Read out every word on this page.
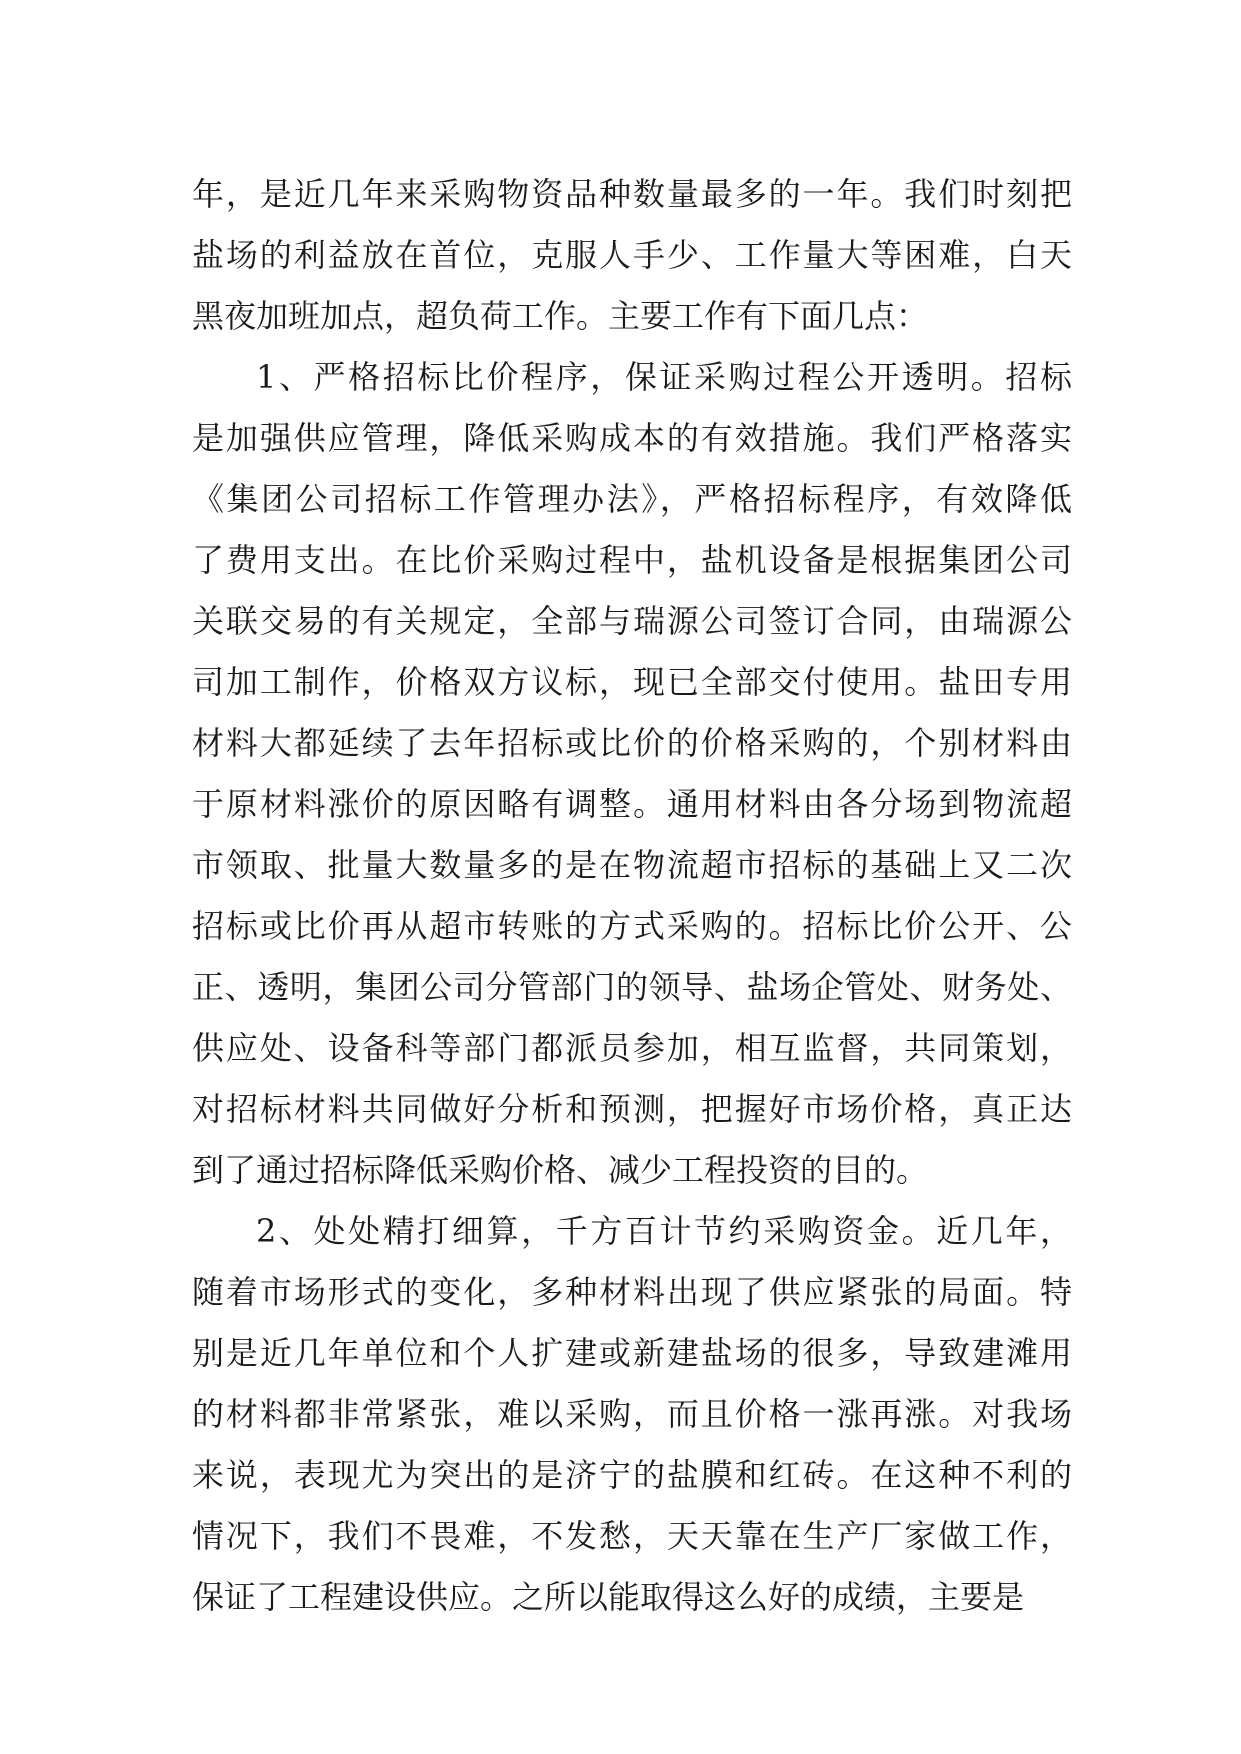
年，是近几年来采购物资品种数量最多的一年。我们时刻把
盐场的利益放在首位，克服人手少、工作量大等困难，白天
黑夜加班加点，超负荷工作。主要工作有下面几点：
1、严格招标比价程序，保证采购过程公开透明。招标
是加强供应管理，降低采购成本的有效措施。我们严格落实
《集团公司招标工作管理办法》，严格招标程序，有效降低
了费用支出。在比价采购过程中，盐机设备是根据集团公司
关联交易的有关规定，全部与瑞源公司签订合同，由瑞源公
司加工制作，价格双方议标，现已全部交付使用。盐田专用
材料大都延续了去年招标或比价的价格采购的，个别材料由
于原材料涨价的原因略有调整。通用材料由各分场到物流超
市领取、批量大数量多的是在物流超市招标的基础上又二次
招标或比价再从超市转账的方式采购的。招标比价公开、公
正、透明，集团公司分管部门的领导、盐场企管处、财务处、
供应处、设备科等部门都派员参加，相互监督，共同策划，
对招标材料共同做好分析和预测，把握好市场价格，真正达
到了通过招标降低采购价格、减少工程投资的目的。
2、处处精打细算，千方百计节约采购资金。近几年，
随着市场形式的变化，多种材料出现了供应紧张的局面。特
别是近几年单位和个人扩建或新建盐场的很多，导致建滩用
的材料都非常紧张，难以采购，而且价格一涨再涨。对我场
来说，表现尤为突出的是济宁的盐膜和红砖。在这种不利的
情况下，我们不畏难，不发愁，天天靠在生产厂家做工作，
保证了工程建设供应。之所以能取得这么好的成绩，主要是
